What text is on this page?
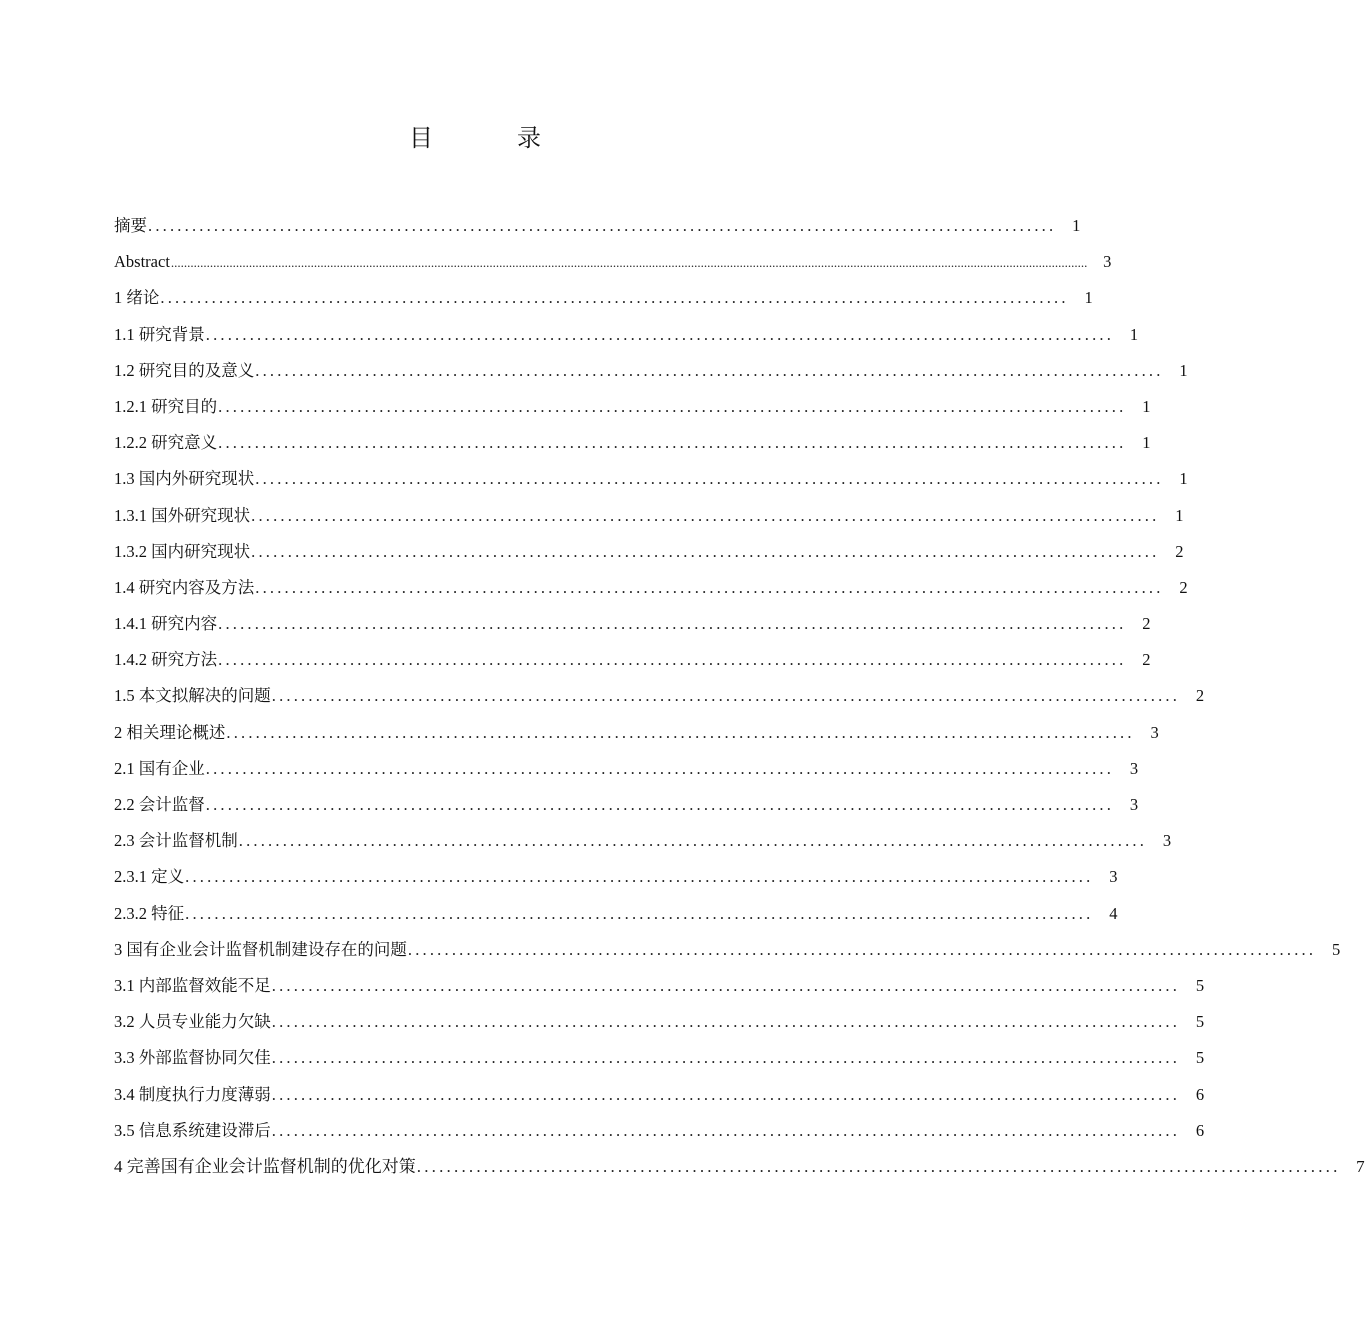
目　录
摘要 ............................................................................................................................ 1
Abstract .......................................................................................................................................................................................................................................................................................... 3
1 绪论 ............................................................................................................................ 1
1.1 研究背景 ............................................................................................................................ 1
1.2 研究目的及意义 ............................................................................................................................ 1
1.2.1 研究目的 ............................................................................................................................ 1
1.2.2 研究意义 ............................................................................................................................ 1
1.3 国内外研究现状 ............................................................................................................................ 1
1.3.1 国外研究现状 ............................................................................................................................ 1
1.3.2 国内研究现状 ............................................................................................................................ 2
1.4 研究内容及方法 ............................................................................................................................ 2
1.4.1 研究内容 ............................................................................................................................ 2
1.4.2 研究方法 ............................................................................................................................ 2
1.5 本文拟解决的问题 ............................................................................................................................ 2
2 相关理论概述 ............................................................................................................................ 3
2.1 国有企业 ............................................................................................................................ 3
2.2 会计监督 ............................................................................................................................ 3
2.3 会计监督机制 ............................................................................................................................ 3
2.3.1 定义 ............................................................................................................................ 3
2.3.2 特征 ............................................................................................................................ 4
3 国有企业会计监督机制建设存在的问题 ............................................................................................................................ 5
3.1 内部监督效能不足 ............................................................................................................................ 5
3.2 人员专业能力欠缺 ............................................................................................................................ 5
3.3 外部监督协同欠佳 ............................................................................................................................ 5
3.4 制度执行力度薄弱 ............................................................................................................................ 6
3.5 信息系统建设滞后 ............................................................................................................................ 6
4 完善国有企业会计监督机制的优化对策 ............................................................................................................................ 7
